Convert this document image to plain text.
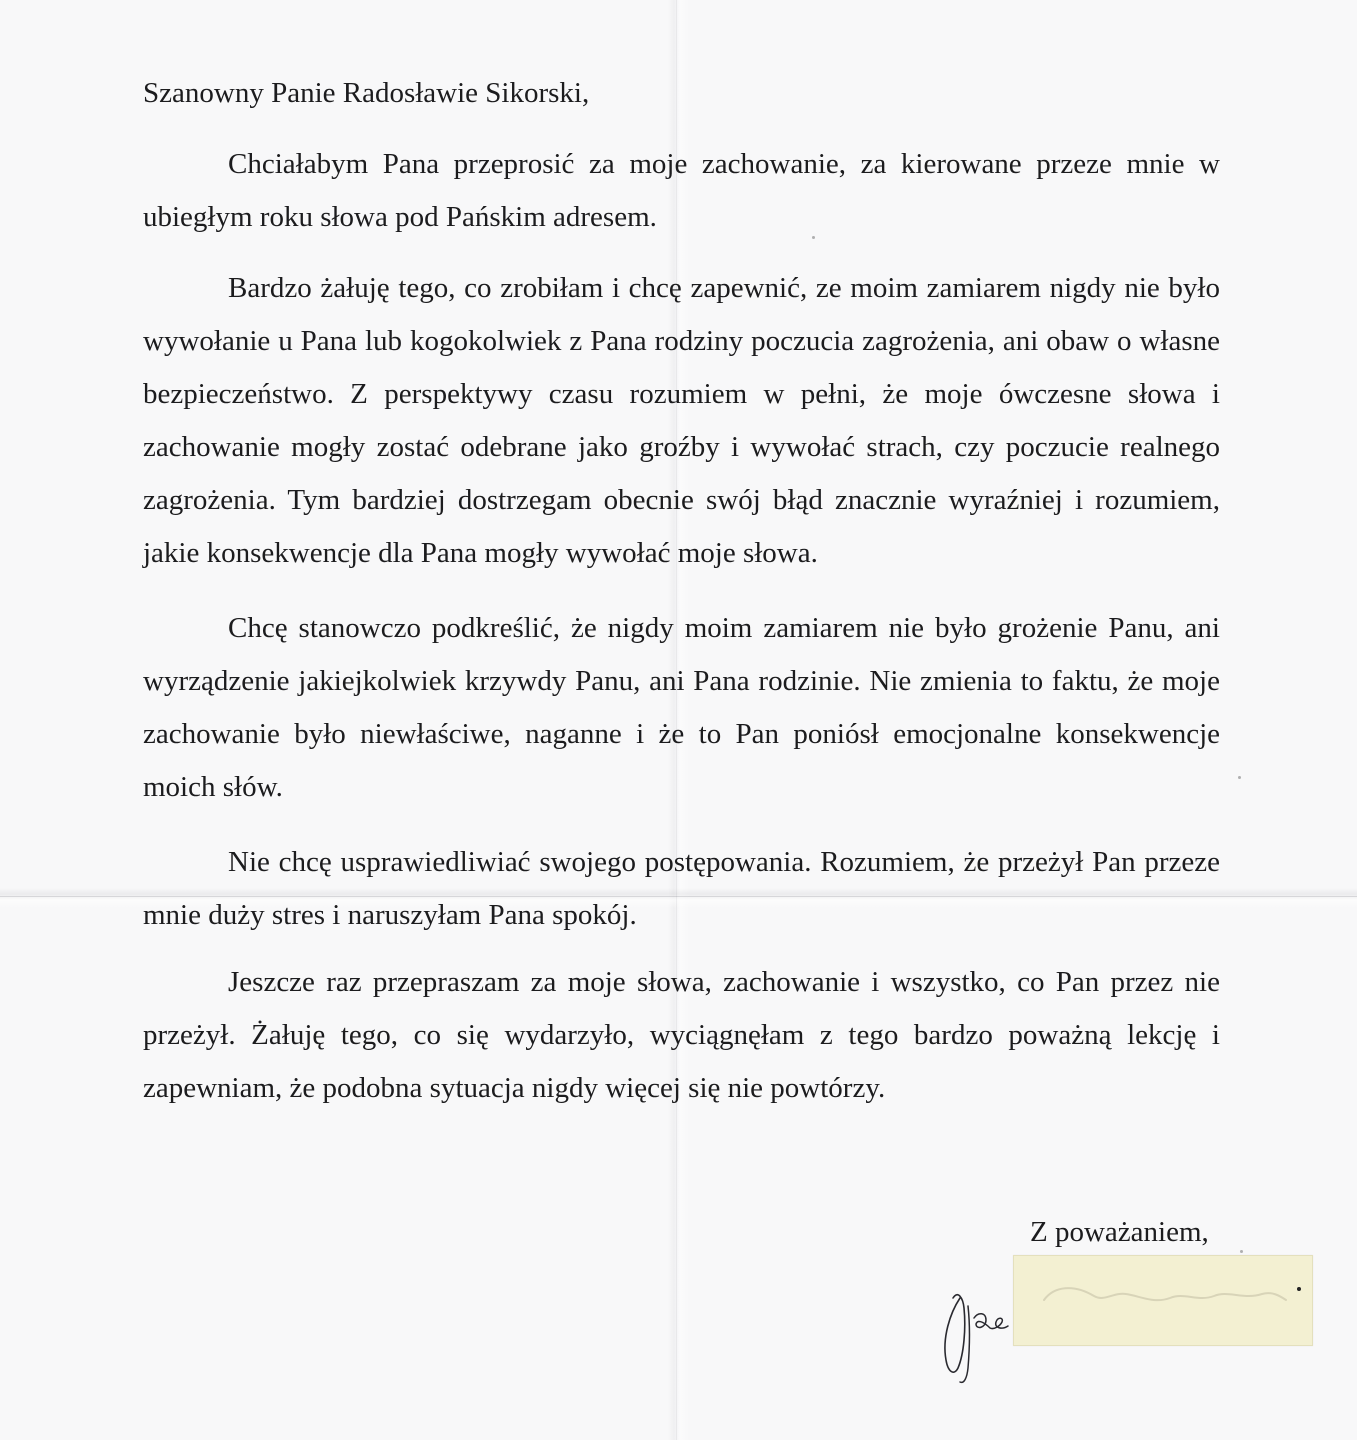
Szanowny Panie Radosławie Sikorski,

Chciałabym Pana przeprosić za moje zachowanie, za kierowane przeze mnie w ubiegłym roku słowa pod Pańskim adresem.

Bardzo żałuję tego, co zrobiłam i chcę zapewnić, ze moim zamiarem nigdy nie było wywołanie u Pana lub kogokolwiek z Pana rodziny poczucia zagrożenia, ani obaw o własne bezpieczeństwo. Z perspektywy czasu rozumiem w pełni, że moje ówczesne słowa i zachowanie mogły zostać odebrane jako groźby i wywołać strach, czy poczucie realnego zagrożenia. Tym bardziej dostrzegam obecnie swój błąd znacznie wyraźniej i rozumiem, jakie konsekwencje dla Pana mogły wywołać moje słowa.

Chcę stanowczo podkreślić, że nigdy moim zamiarem nie było grożenie Panu, ani wyrządzenie jakiejkolwiek krzywdy Panu, ani Pana rodzinie. Nie zmienia to faktu, że moje zachowanie było niewłaściwe, naganne i że to Pan poniósł emocjonalne konsekwencje moich słów.

Nie chcę usprawiedliwiać swojego postępowania. Rozumiem, że przeżył Pan przeze mnie duży stres i naruszyłam Pana spokój.

Jeszcze raz przepraszam za moje słowa, zachowanie i wszystko, co Pan przez nie przeżył. Żałuję tego, co się wydarzyło, wyciągnęłam z tego bardzo poważną lekcję i zapewniam, że podobna sytuacja nigdy więcej się nie powtórzy.

Z poważaniem,
